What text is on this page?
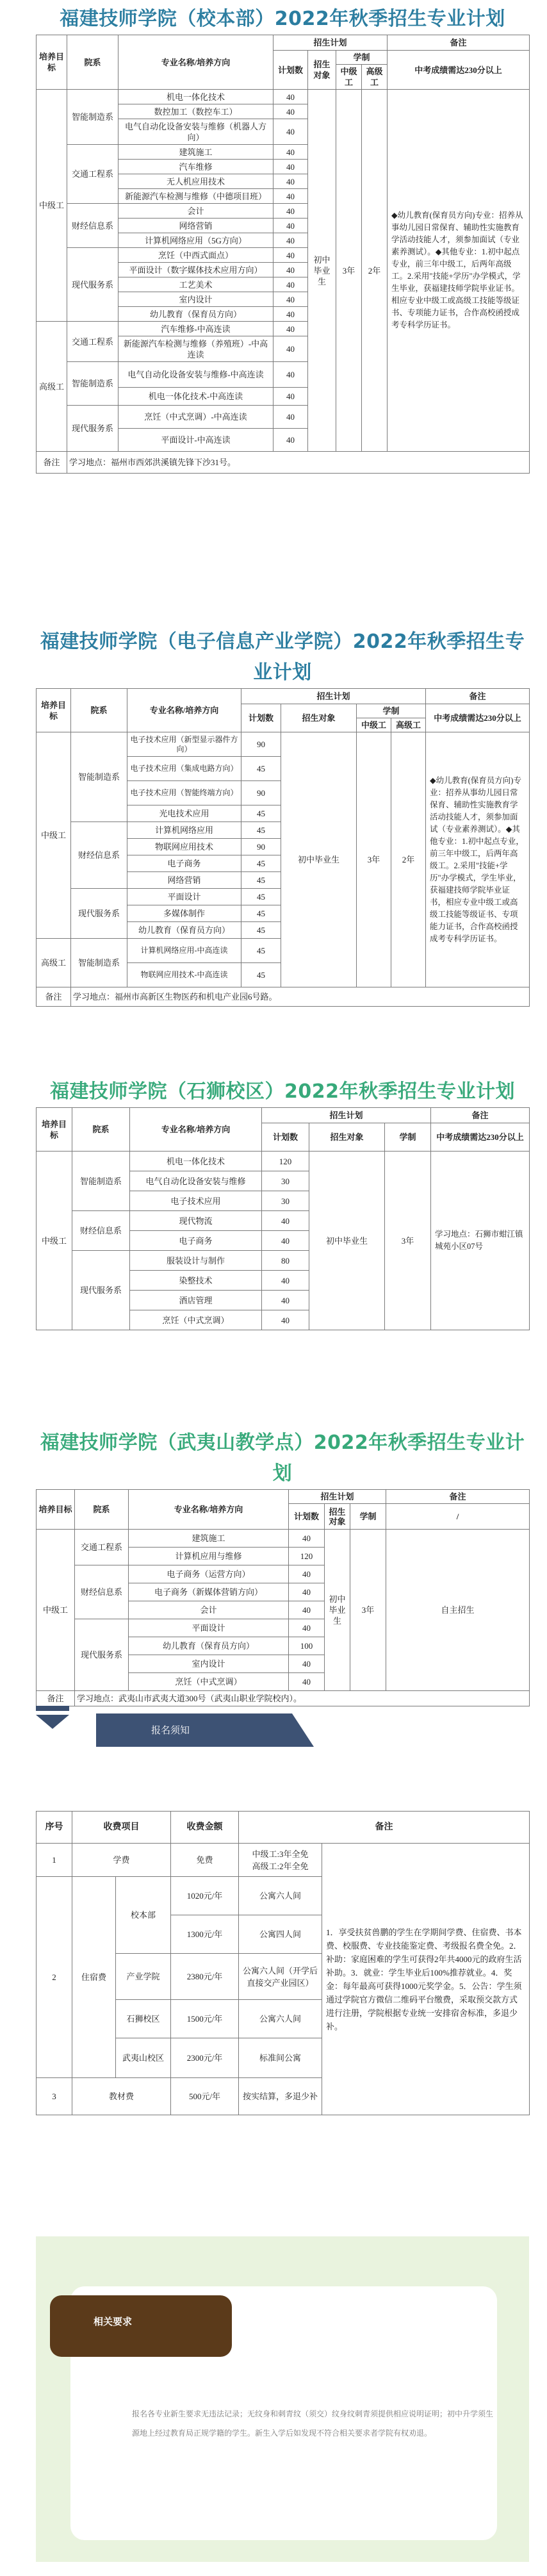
福建技师学院（校本部）2022年秋季招生专业计划
培养目标	院系	专业名称/培养方向	招生计划				备注
			计划数	招生对象	学制		中考成绩需达230分以上
					中级工	高级工	
中级工	智能制造系	机电一体化技术	40	初中毕业生	3年	2年	◆幼儿教育(保育员方向)专业：招养从事幼儿园日常保育、辅助性实施教育学活动技能人才，须参加面试（专业素养测试）。◆其他专业：1.初中起点专业，前三年中级工，后两年高级工。2.采用"技能+学历"办学模式，学生毕业，获福建技师学院毕业证书。相应专业中级工或高级工技能等级证书、专项能力证书，合作高校函授成考专科学历证书。
		数控加工（数控车工）	40				
		电气自动化设备安装与维修（机器人方向）	40				
	交通工程系	建筑施工	40				
		汽车维修	40				
		无人机应用技术	40				
		新能源汽车检测与维修（中德项目班）	40				
	财经信息系	会计	40				
		网络营销	40				
		计算机网络应用（5G方向）	40				
	现代服务系	烹饪（中西式面点）	40				
		平面设计（数字媒体技术应用方向）	40				
		工艺美术	40				
		室内设计	40				
		幼儿教育（保育员方向）	40				
高级工	交通工程系	汽车维修-中高连读	40				
		新能源汽车检测与维修（养殖班）-中高连读	40				
	智能制造系	电气自动化设备安装与维修-中高连读	40				
		机电一体化技术-中高连读	40				
	现代服务系	烹饪（中式烹调）-中高连读	40				
		平面设计-中高连读	40				
备注	学习地点：福州市西郊洪溪镇先锋下沙31号。						
福建技师学院（电子信息产业学院）2022年秋季招生专业计划
培养目标	院系	专业名称/培养方向	招生计划				备注
			计划数	招生对象	学制		中考成绩需达230分以上
					中级工	高级工	
中级工	智能制造系	电子技术应用（新型显示器件方向）	90	初中毕业生	3年	2年	◆幼儿教育(保育员方向)专业：招养从事幼儿园日常保育、辅助性实施教育学活动技能人才，须参加面试（专业素养测试）。◆其他专业：1.初中起点专业，前三年中级工，后两年高级工。2.采用"技能+学历"办学模式，学生毕业，获福建技师学院毕业证书，相应专业中级工或高级工技能等级证书、专项能力证书，合作高校函授成考专科学历证书。
		电子技术应用（集成电路方向）	45				
		电子技术应用（智能终端方向）	90				
		光电技术应用	45				
	财经信息系	计算机网络应用	45				
		物联网应用技术	90				
		电子商务	45				
		网络营销	45				
	现代服务系	平面设计	45				
		多媒体制作	45				
		幼儿教育（保育员方向）	45				
高级工	智能制造系	计算机网络应用-中高连读	45				
		物联网应用技术-中高连读	45				
备注	学习地点：福州市高新区生物医药和机电产业园6号路。						
福建技师学院（石狮校区）2022年秋季招生专业计划
培养目标	院系	专业名称/培养方向	招生计划			备注
			计划数	招生对象	学制	中考成绩需达230分以上

中级工	智能制造系	机电一体化技术	120	初中毕业生	3年	学习地点：石狮市蚶江镇城苑小区07号
		电气自动化设备安装与维修	30			
		电子技术应用	30			
	财经信息系	现代物流	40			
		电子商务	40			
	现代服务系	服装设计与制作	80			
		染整技术	40			
		酒店管理	40			
		烹饪（中式烹调）	40			
福建技师学院（武夷山教学点）2022年秋季招生专业计划
培养目标	院系	专业名称/培养方向	招生计划			备注
			计划数	招生对象	学制	/

中级工	交通工程系	建筑施工	40	初中毕业生	3年	自主招生
		计算机应用与维修	120			
	财经信息系	电子商务（运营方向）	40			
		电子商务（新媒体营销方向）	40			
		会计	40			
	现代服务系	平面设计	40			
		幼儿教育（保育员方向）	100			
		室内设计	40			
		烹饪（中式烹调）	40			
备注	学习地点：武夷山市武夷大道300号（武夷山职业学院校内）。					
报名须知
序号	收费项目		收费金额	备注	
1	学费		免费	中级工:3年全免
高级工:2年全免	1．享受扶贫兽鹏的学生在学期间学费、住宿费、书本费、校服费、专业技能鉴定费、考级报名费全免。2．补助：家庭困难的学生可获得2年共4000元的政府生活补助。3．就业：学生毕业后100%推荐就业。4．奖金：每年最高可获得1000元奖学金。5．公告：学生须通过学院官方微信二维码平台缴费，采取预交款方式进行注册，学院根据专业统一安排宿舍标准，多退少补。
2	住宿费	校本部	1020元/年	公寓六人间	
			1300元/年	公寓四人间	
		产业学院	2380元/年	公寓六人间（开学后直接交产业园区）	
		石狮校区	1500元/年	公寓六人间	
		武夷山校区	2300元/年	标准间公寓	
3	教材费		500元/年	按实结算，多退少补	
相关要求
报名各专业新生要求无违法记录；无纹身和刺青纹（须交）纹身纹刺青须提供相应说明证明；初中升学须生源地上经过教育局正规学籍的学生。新生入学后如发现不符合相关要求者学院有权劝退。
